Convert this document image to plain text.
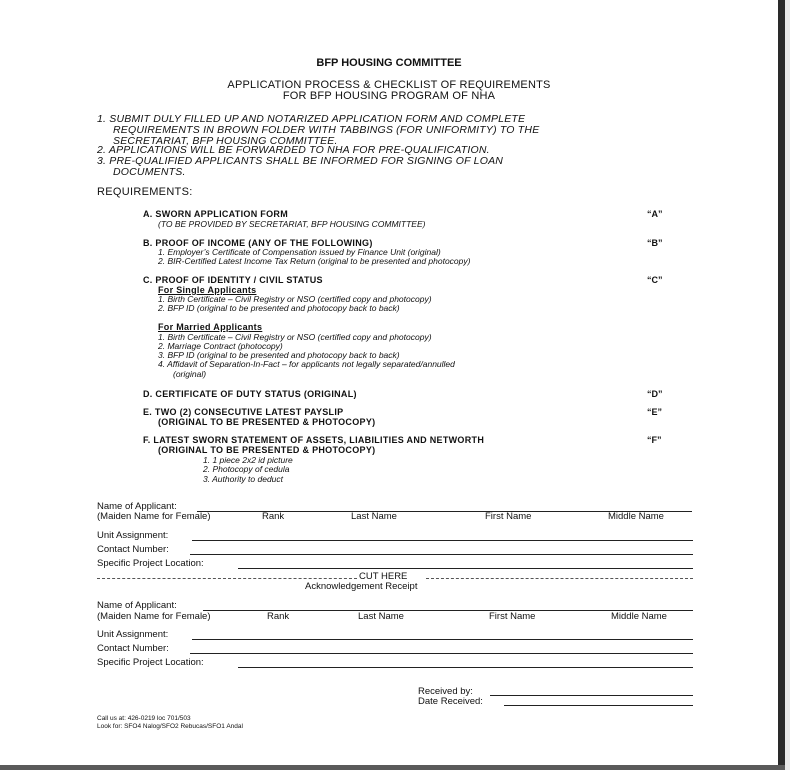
BFP HOUSING COMMITTEE
APPLICATION PROCESS & CHECKLIST OF REQUIREMENTS
FOR BFP HOUSING PROGRAM OF NHA
1. SUBMIT DULY FILLED UP AND NOTARIZED APPLICATION FORM AND COMPLETE
REQUIREMENTS IN BROWN FOLDER WITH TABBINGS (FOR UNIFORMITY) TO THE
SECRETARIAT, BFP HOUSING COMMITTEE.
2. APPLICATIONS WILL BE FORWARDED TO NHA FOR PRE-QUALIFICATION.
3. PRE-QUALIFIED APPLICANTS SHALL BE INFORMED FOR SIGNING OF LOAN
DOCUMENTS.
REQUIREMENTS:
A. SWORN APPLICATION FORM
(TO BE PROVIDED BY SECRETARIAT, BFP HOUSING COMMITTEE)
“A”
B. PROOF OF INCOME (ANY OF THE FOLLOWING)
1. Employer’s Certificate of Compensation issued by Finance Unit (original)
2. BIR-Certified Latest Income Tax Return (original to be presented and photocopy)
“B”
C. PROOF OF IDENTITY / CIVIL STATUS	“C”
For Single Applicants
1. Birth Certificate – Civil Registry or NSO (certified copy and photocopy)
2. BFP ID (original to be presented and photocopy back to back)
For Married Applicants
1. Birth Certificate – Civil Registry or NSO (certified copy and photocopy)
2. Marriage Contract (photocopy)
3. BFP ID (original to be presented and photocopy back to back)
4. Affidavit of Separation-In-Fact – for applicants not legally separated/annulled
(original)
D. CERTIFICATE OF DUTY STATUS (ORIGINAL)	“D”
E. TWO (2) CONSECUTIVE LATEST PAYSLIP
(ORIGINAL TO BE PRESENTED & PHOTOCOPY)
“E”
F. LATEST SWORN STATEMENT OF ASSETS, LIABILITIES AND NETWORTH
(ORIGINAL TO BE PRESENTED & PHOTOCOPY)
“F”
1. 1 piece 2x2 id picture
2. Photocopy of cedula
3. Authority to deduct
Name of Applicant:
(Maiden Name for Female)	Rank	Last Name	First Name	Middle Name
Unit Assignment:
Contact Number:
Specific Project Location:
CUT HERE
Acknowledgement Receipt
Name of Applicant:
(Maiden Name for Female)	Rank	Last Name	First Name	Middle Name
Unit Assignment:
Contact Number:
Specific Project Location:
Received by:
Date Received:
Call us at: 426-0219 loc 701/503
Look for: SFO4 Nalog/SFO2 Rebucas/SFO1 Andal
